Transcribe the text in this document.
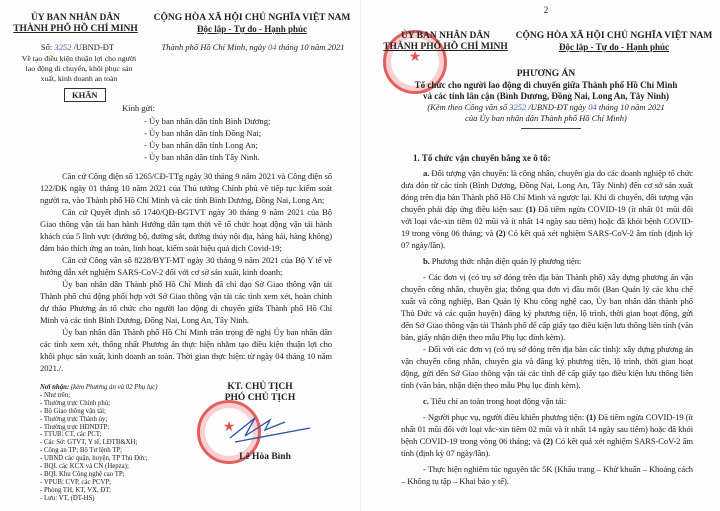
ỦY BAN NHÂN DÂN
THÀNH PHỐ HỒ CHÍ MINH
CỘNG HÒA XÃ HỘI CHỦ NGHĨA VIỆT NAM
Độc lập - Tự do - Hạnh phúc
Số: 3252 /UBND-ĐT	Thành phố Hồ Chí Minh, ngày 04 tháng 10 năm 2021
Về tạo điều kiện thuận lợi cho người lao động di chuyển, khôi phục sản xuất, kinh doanh an toàn
KHẨN
Kính gửi:
- Ủy ban nhân dân tỉnh Bình Dương;
- Ủy ban nhân dân tỉnh Đồng Nai;
- Ủy ban nhân dân tỉnh Long An;
- Ủy ban nhân dân tỉnh Tây Ninh.

Căn cứ Công điện số 1265/CĐ-TTg ngày 30 tháng 9 năm 2021 và Công điện số 122/ĐK ngày 01 tháng 10 năm 2021 của Thủ tướng Chính phủ về tiếp tục kiểm soát người ra, vào Thành phố Hồ Chí Minh và các tỉnh Bình Dương, Đồng Nai, Long An;

Căn cứ Quyết định số 1740/QĐ-BGTVT ngày 30 tháng 9 năm 2021 của Bộ Giao thông vận tải ban hành Hướng dẫn tạm thời về tổ chức hoạt động vận tải hành khách của 5 lĩnh vực (đường bộ, đường sắt, đường thủy nội địa, hàng hải, hàng không) đảm bảo thích ứng an toàn, linh hoạt, kiểm soát hiệu quả dịch Covid-19;

Căn cứ Công văn số 8228/BYT-MT ngày 30 tháng 9 năm 2021 của Bộ Y tế về hướng dẫn xét nghiệm SARS-CoV-2 đối với cơ sở sản xuất, kinh doanh;

Ủy ban nhân dân Thành phố Hồ Chí Minh đã chỉ đạo Sở Giao thông vận tải Thành phố chủ động phối hợp với Sở Giao thông vận tải các tỉnh xem xét, hoàn chỉnh dự thảo Phương án tổ chức cho người lao động di chuyển giữa Thành phố Hồ Chí Minh và các tỉnh Bình Dương, Đồng Nai, Long An, Tây Ninh.

Ủy ban nhân dân Thành phố Hồ Chí Minh trân trọng đề nghị Ủy ban nhân dân các tỉnh xem xét, thống nhất Phương án thực hiện nhằm tạo điều kiện thuận lợi cho khôi phục sản xuất, kinh doanh an toàn. Thời gian thực hiện: từ ngày 04 tháng 10 năm 2021./.

Nơi nhận: (kèm Phương án và 02 Phụ lục)
- Như trên;
- Thường trực Chính phủ;
- Bộ Giao thông vận tải;
- Thường trực Thành ủy;
- Thường trực HĐNDTP;
- TTUB: CT, các PCT;
- Các Sở: GTVT, Y tế, LĐTB&XH;
- Công an TP; Bộ Tư lệnh TP;
- UBND các quận, huyện, TP Thủ Đức;
- BQL các KCX và CN (Hepza);
- BQL Khu Công nghệ cao TP;
- VPUB: CVP, các PCVP;
- Phòng TH, KT, VX, ĐT;
- Lưu: VT, (ĐT-HS)
KT. CHỦ TỊCH
PHÓ CHỦ TỊCH
★
Lê Hòa Bình
2
★
ỦY BAN NHÂN DÂN
THÀNH PHỐ HỒ CHÍ MINH
CỘNG HÒA XÃ HỘI CHỦ NGHĨA VIỆT NAM
Độc lập - Tự do - Hạnh phúc
PHƯƠNG ÁN
Tổ chức cho người lao động di chuyển giữa Thành phố Hồ Chí Minh
và các tỉnh lân cận (Bình Dương, Đồng Nai, Long An, Tây Ninh)
(Kèm theo Công văn số 3252 /UBND-ĐT ngày 04 tháng 10 năm 2021
của Ủy ban nhân dân Thành phố Hồ Chí Minh)
1. Tổ chức vận chuyển bằng xe ô tô:

a. Đối tượng vận chuyển: là công nhân, chuyên gia do các doanh nghiệp tổ chức đưa đón từ các tỉnh (Bình Dương, Đồng Nai, Long An, Tây Ninh) đến cơ sở sản xuất đóng trên địa bàn Thành phố Hồ Chí Minh và ngược lại. Khi di chuyển, đối tượng vận chuyển phải đáp ứng điều kiện sau: (1) Đã tiêm ngừa COVID-19 (ít nhất 01 mũi đối với loại vắc-xin tiêm 02 mũi và ít nhất 14 ngày sau tiêm) hoặc đã khỏi bệnh COVID-19 trong vòng 06 tháng; và (2) Có kết quả xét nghiệm SARS-CoV-2 âm tính (định kỳ 07 ngày/lần).

b. Phương thức nhận diện quản lý phương tiện:

- Các đơn vị (có trụ sở đóng trên địa bàn Thành phố) xây dựng phương án vận chuyển công nhân, chuyên gia; thông qua đơn vị đầu mối (Ban Quản lý các khu chế xuất và công nghiệp, Ban Quản lý Khu công nghệ cao, Ủy ban nhân dân thành phố Thủ Đức và các quận huyện) đăng ký phương tiện, lộ trình, thời gian hoạt động, gửi đến Sở Giao thông vận tải Thành phố để cấp giấy tạo điều kiện lưu thông liên tỉnh (văn bản, giấy nhận diện theo mẫu Phụ lục đính kèm).

- Đối với các đơn vị (có trụ sở đóng trên địa bàn các tỉnh): xây dựng phương án vận chuyển công nhân, chuyên gia và đăng ký phương tiện, lộ trình, thời gian hoạt động, gửi đến Sở Giao thông vận tải các tỉnh để cấp giấy tạo điều kiện lưu thông liên tỉnh (văn bản, nhận diện theo mẫu Phụ lục đính kèm).

c. Tiêu chí an toàn trong hoạt động vận tải:

- Người phục vụ, người điều khiển phương tiện: (1) Đã tiêm ngừa COVID-19 (ít nhất 01 mũi đối với loại vắc-xin tiêm 02 mũi và ít nhất 14 ngày sau tiêm) hoặc đã khỏi bệnh COVID-19 trong vòng 06 tháng; và (2) Có kết quả xét nghiệm SARS-CoV-2 âm tính (định kỳ 07 ngày/lần).

- Thực hiện nghiêm túc nguyên tắc 5K (Khẩu trang – Khử khuẩn – Khoảng cách – Không tụ tập – Khai báo y tế).
